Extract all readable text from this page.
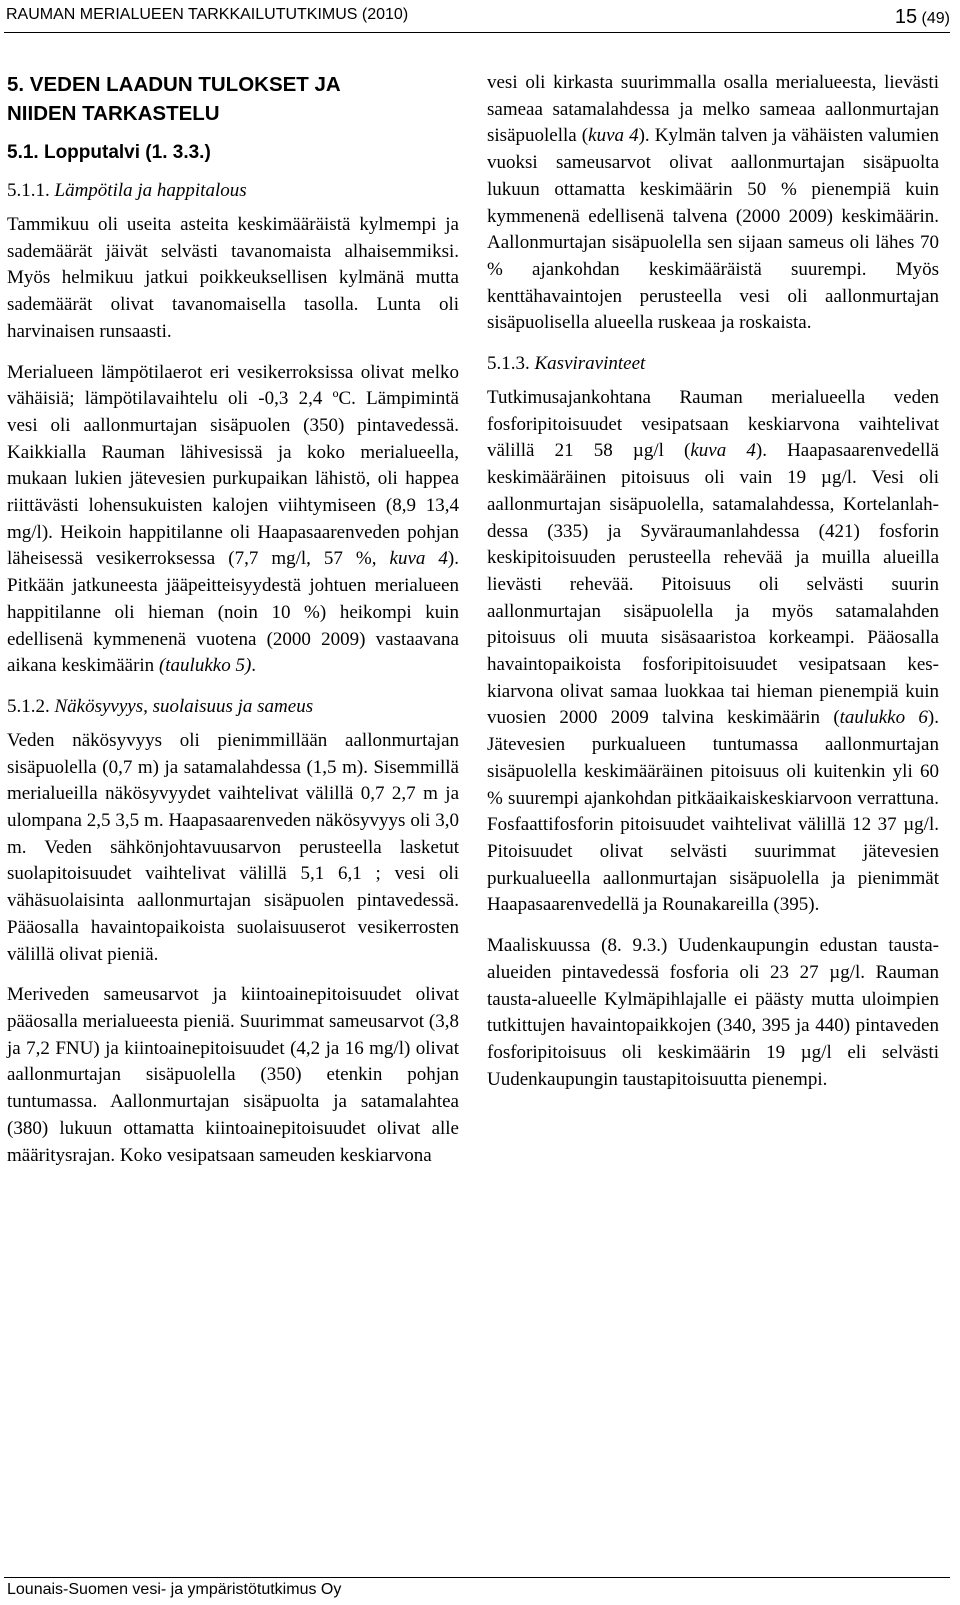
RAUMAN MERIALUEEN TARKKAILUTUTKIMUS (2010)	15 (49)
5. VEDEN LAADUN TULOKSET JA
NIIDEN TARKASTELU
5.1. Lopputalvi (1. 3.3.)
5.1.1. Lämpötila ja happitalous

Tammikuu oli useita asteita keskimääräistä kylmempi ja sademäärät jäivät selvästi tavanomaista alhaisemmiksi. Myös helmikuu jatkui poikkeuksellisen kylmänä mutta sademäärät olivat tavanomaisella tasolla. Lunta oli harvinaisen runsaasti.

Merialueen lämpötilaerot eri vesikerroksissa olivat melko vähäisiä; lämpötilavaihtelu oli -0,3 2,4 ºC. Lämpimintä vesi oli aallonmurtajan sisäpuolen (350) pintavedessä. Kaikkialla Rauman lähivesissä ja koko merialueella, mukaan lukien jätevesien purkupaikan lähistö, oli happea riittävästi lohensukuisten kalojen viihtymiseen (8,9 13,4 mg/l). Heikoin happitilanne oli Haapasaarenveden pohjan läheisessä vesikerroksessa (7,7 mg/l, 57 %, kuva 4). Pitkään jatkuneesta jääpeitteisyydestä johtuen merialueen happitilanne oli hieman (noin 10 %) heikompi kuin edellisenä kymmenenä vuotena (2000 2009) vastaavana aikana keskimäärin (taulukko 5).

5.1.2. Näkösyvyys, suolaisuus ja sameus

Veden näkösyvyys oli pienimmillään aallonmurtajan sisäpuolella (0,7 m) ja satamalahdessa (1,5 m). Sisemmillä merialueilla näkösyvyydet vaihtelivat välillä 0,7 2,7 m ja ulompana 2,5 3,5 m. Haapasaarenveden näkösyvyys oli 3,0 m. Veden sähkönjohtavuusarvon perusteella lasketut suolapitoisuudet vaihtelivat välillä 5,1 6,1 ; vesi oli vähäsuolaisinta aallonmurtajan sisäpuolen pintavedessä. Pääosalla havaintopaikoista suolaisuuserot vesikerrosten välillä olivat pieniä.

Meriveden sameusarvot ja kiintoainepitoisuudet olivat pääosalla merialueesta pieniä. Suurimmat sameusarvot (3,8 ja 7,2 FNU) ja kiintoainepitoisuudet (4,2 ja 16 mg/l) olivat aallonmurtajan sisäpuolella (350) etenkin pohjan tuntumassa. Aallonmurtajan sisäpuolta ja satamalahtea (380) lukuun ottamatta kiintoainepitoisuudet olivat alle määritysrajan. Koko vesipatsaan sameuden keskiarvona

vesi oli kirkasta suurimmalla osalla merialueesta, lievästi sameaa satamalahdessa ja melko sameaa aallonmurtajan sisäpuolella (kuva 4). Kylmän talven ja vähäisten valumien vuoksi sameusarvot olivat aallonmurtajan sisäpuolta lukuun ottamatta keskimäärin 50 % pienempiä kuin kymmenenä edellisenä talvena (2000 2009) keskimäärin. Aallonmurtajan sisäpuolella sen sijaan sameus oli lähes 70 % ajankohdan keskimääräistä suurempi. Myös kenttähavaintojen perusteella vesi oli aallonmurtajan sisäpuolisella alueella ruskeaa ja roskaista.

5.1.3. Kasviravinteet

Tutkimusajankohtana Rauman merialueella veden fosforipitoisuudet vesipatsaan keskiarvona vaihtelivat välillä 21 58 µg/l (kuva 4). Haapasaarenvedellä keskimääräinen pitoisuus oli vain 19 µg/l. Vesi oli aallonmurtajan sisäpuolella, satamalahdessa, Kortelanlahdessa (335) ja Syväraumanlahdessa (421) fosforin keskipitoisuuden perusteella rehevää ja muilla alueilla lievästi rehevää. Pitoisuus oli selvästi suurin aallonmurtajan sisäpuolella ja myös satamalahden pitoisuus oli muuta sisäsaaristoa korkeampi. Pääosalla havaintopaikoista fosforipitoisuudet vesipatsaan keskiarvona olivat samaa luokkaa tai hieman pienempiä kuin vuosien 2000 2009 talvina keskimäärin (taulukko 6). Jätevesien purkualueen tuntumassa aallonmurtajan sisäpuolella keskimääräinen pitoisuus oli kuitenkin yli 60 % suurempi ajankohdan pitkäaikaiskeskiarvoon verrattuna. Fosfaattifosforin pitoisuudet vaihtelivat välillä 12 37 µg/l. Pitoisuudet olivat selvästi suurimmat jätevesien purkualueella aallonmurtajan sisäpuolella ja pienimmät Haapasaarenvedellä ja Rounakareilla (395).

Maaliskuussa (8. 9.3.) Uudenkaupungin edustan tausta-alueiden pintavedessä fosforia oli 23 27 µg/l. Rauman tausta-alueelle Kylmäpihlajalle ei päästy mutta uloimpien tutkittujen havaintopaikkojen (340, 395 ja 440) pintaveden fosforipitoisuus oli keskimäärin 19 µg/l eli selvästi Uudenkaupungin taustapitoisuutta pienempi.

Lounais-Suomen vesi- ja ympäristötutkimus Oy
